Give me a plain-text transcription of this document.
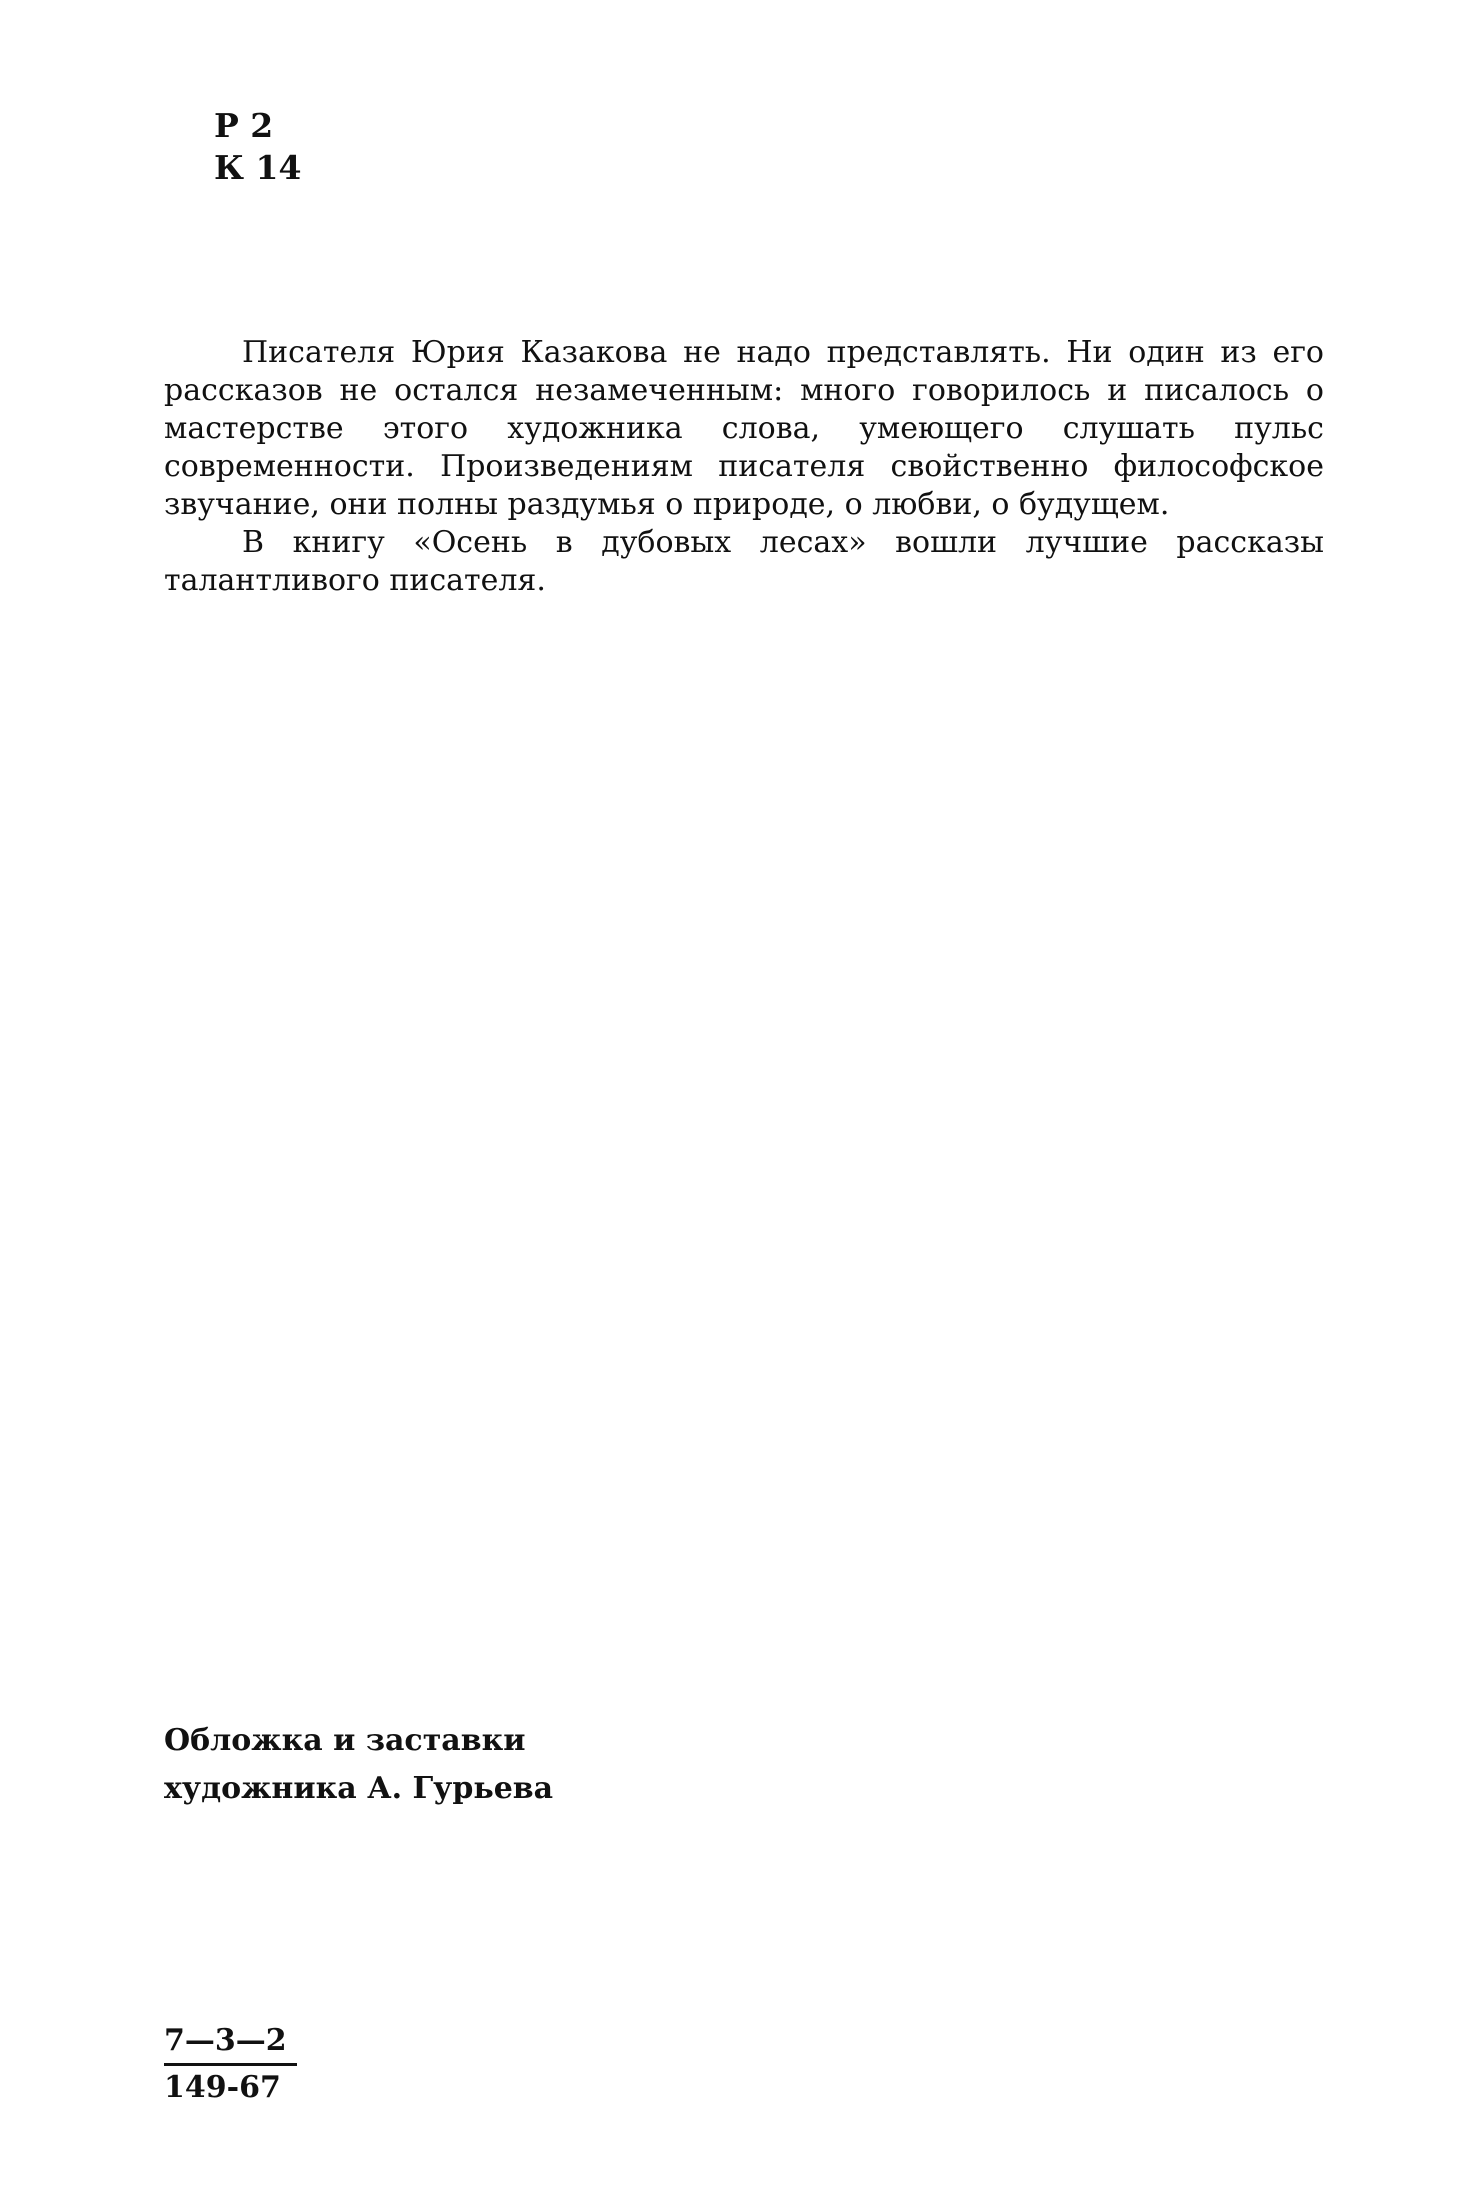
Р 2
К 14

Писателя Юрия Казакова не надо представлять. Ни один из его рассказов не остался незамеченным: много говорилось и писалось о мастерстве этого художника слова, умеющего слушать пульс современности. Произведениям писателя свойственно философское звучание, они полны раздумья о природе, о любви, о будущем.

В книгу «Осень в дубовых лесах» вошли лучшие рассказы талантливого писателя.

Обложка и заставки
художника А. Гурьева
$\frac{7—3—2}{149-67}$
